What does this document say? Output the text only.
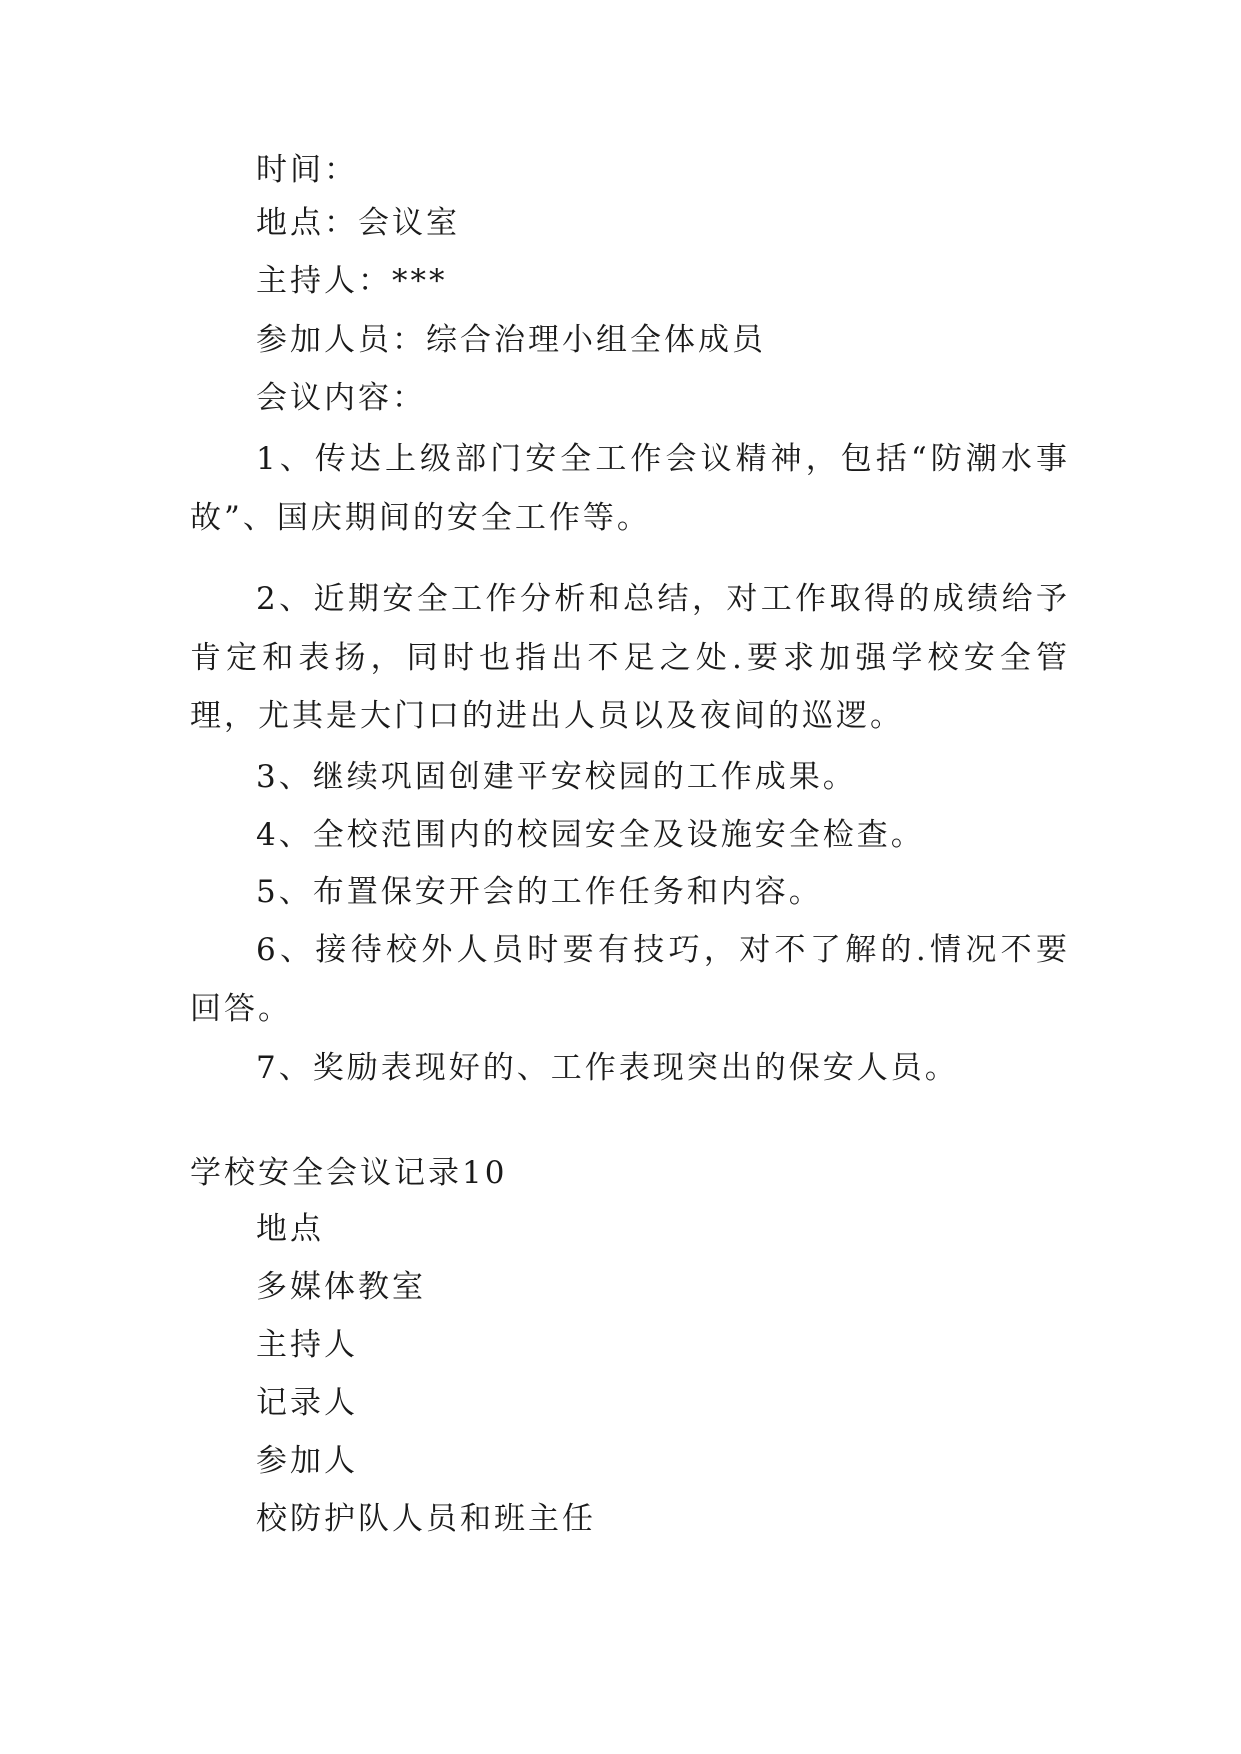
时间：
地点：会议室
主持人：***
参加人员：综合治理小组全体成员
会议内容：

1、传达上级部门安全工作会议精神，包括“防潮水事故”、国庆期间的安全工作等。

2、近期安全工作分析和总结，对工作取得的成绩给予肯定和表扬，同时也指出不足之处.要求加强学校安全管理，尤其是大门口的进出人员以及夜间的巡逻。

3、继续巩固创建平安校园的工作成果。

4、全校范围内的校园安全及设施安全检查。

5、布置保安开会的工作任务和内容。

6、接待校外人员时要有技巧，对不了解的.情况不要回答。

7、奖励表现好的、工作表现突出的保安人员。

学校安全会议记录10
地点
多媒体教室
主持人
记录人
参加人
校防护队人员和班主任
